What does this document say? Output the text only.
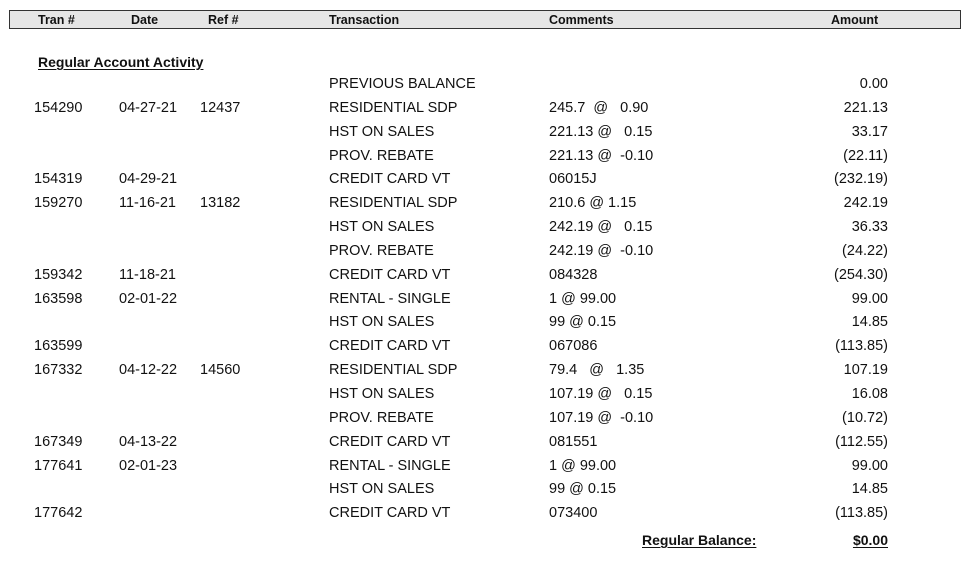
Tran #	Date	Ref #	Transaction	Comments	Amount
Regular Account Activity
PREVIOUS BALANCE	0.00
154290	04-27-21 12437	RESIDENTIAL SDP	245.7  @   0.90	221.13
HST ON SALES	221.13 @   0.15	33.17
PROV. REBATE	221.13 @  -0.10	(22.11)
154319	04-29-21	CREDIT CARD VT	06015J	(232.19)
159270	11-16-21 13182	RESIDENTIAL SDP	210.6 @ 1.15	242.19
HST ON SALES	242.19 @   0.15	36.33
PROV. REBATE	242.19 @  -0.10	(24.22)
159342	11-18-21	CREDIT CARD VT	084328	(254.30)
163598	02-01-22	RENTAL - SINGLE	1 @ 99.00	99.00
HST ON SALES	99 @ 0.15	14.85
163599	CREDIT CARD VT	067086	(113.85)
167332	04-12-22 14560	RESIDENTIAL SDP	79.4   @   1.35	107.19
HST ON SALES	107.19 @   0.15	16.08
PROV. REBATE	107.19 @  -0.10	(10.72)
167349	04-13-22	CREDIT CARD VT	081551	(112.55)
177641	02-01-23	RENTAL - SINGLE	1 @ 99.00	99.00
HST ON SALES	99 @ 0.15	14.85
177642	CREDIT CARD VT	073400	(113.85)
Regular Balance:	$0.00
